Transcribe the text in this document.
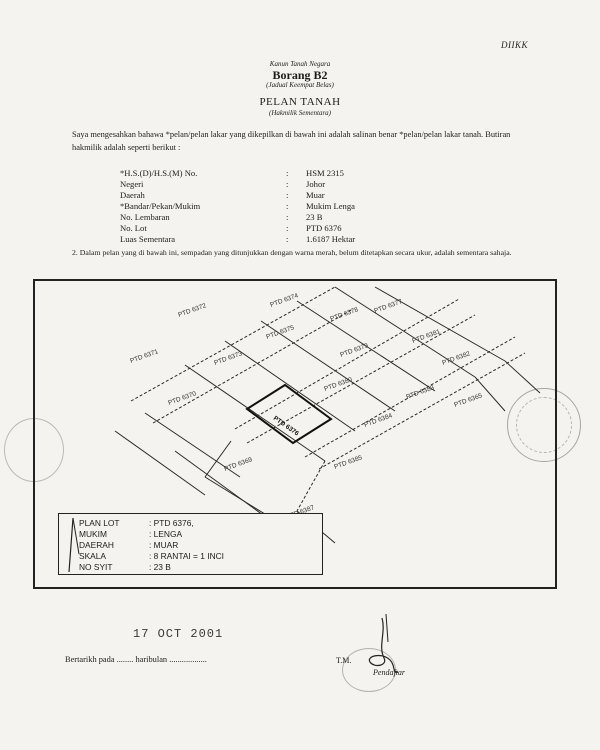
DIIKK
Kanun Tanah Negara
Borang B2
(Jadual Keempat Belas)
PELAN TANAH
(Hakmilik Sementara)
Saya mengesahkan bahawa *pelan/pelan lakar yang dikepilkan di bawah ini adalah salinan benar *pelan/pelan lakar tanah. Butiran hakmilik adalah seperti berikut :
*H.S.(D)/H.S.(M) No.	:	HSM 2315
Negeri	:	Johor
Daerah	:	Muar
*Bandar/Pekan/Mukim	:	Mukim Lenga
No. Lembaran	:	23 B
No. Lot	:	PTD 6376
Luas Sementara	:	1.6187 Hektar
2. Dalam pelan yang di bawah ini, sempadan yang ditunjukkan dengan warna merah, belum ditetapkan secara ukur, adalah sementara sahaja.
PTD 6374
PTD 6375
PTD 6378 PTD 6377
PTD 6372
PTD 6373
PTD 6371
PTD 6370
PTD 6376
PTD 6379
PTD 6380
PTD 6381
PTD 6382
PTD 6383
PTD 6384
PTD 6385
PTD 6369
PTD 6365
PLAN LOT	: PTD 6376,
MUKIM	: LENGA
DAERAH	: MUAR
SKALA	: 8 RANTAI = 1 INCI
NO SYIT	: 23 B
17 OCT 2001
Bertarikh pada ........ haribulan ..................	T.M.
Pendaftar
